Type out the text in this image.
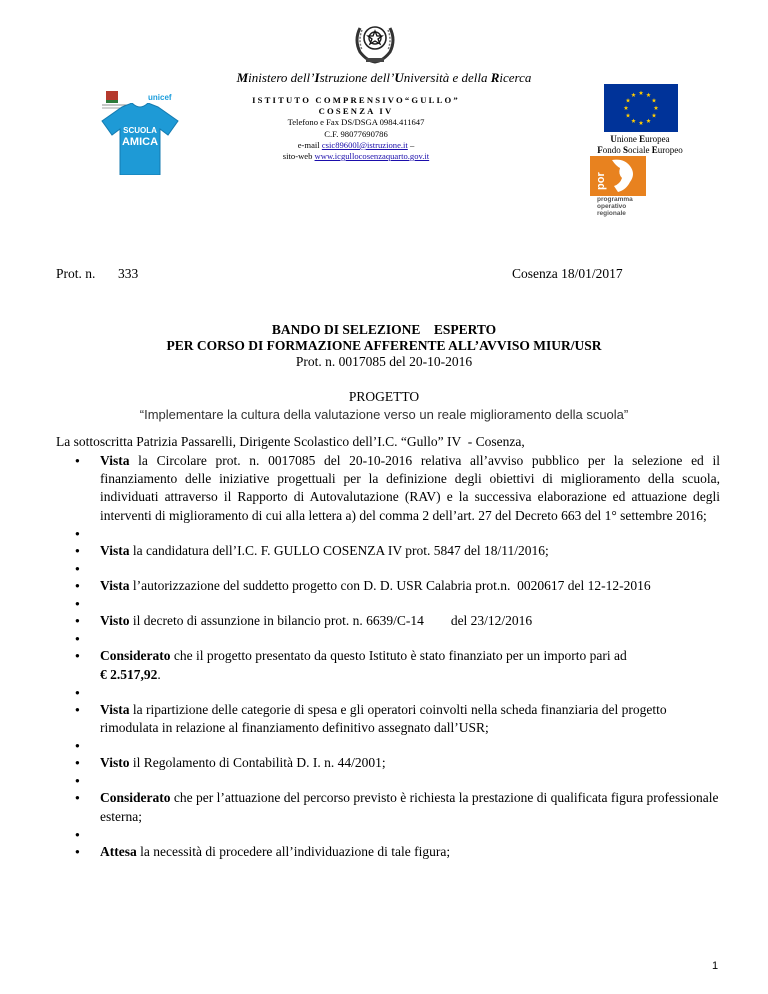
Ministero dell’Istruzione dell’Università e della Ricerca
unicef
SCUOLA
AMICA
ISTITUTO COMPRENSIVO“GULLO”
COSENZA IV
Telefono e Fax DS/DSGA 0984.411647
C.F. 98077690786
e-mail csic89600l@istruzione.it –
sito-web www.icgullocosenzaquarto.gov.it
Unione Europea
Fondo Sociale Europeo
por
programma
operativo
regionale
Prot. n. 333	Cosenza 18/01/2017
BANDO DI SELEZIONE    ESPERTO
PER CORSO DI FORMAZIONE AFFERENTE ALL’AVVISO MIUR/USR
Prot. n. 0017085 del 20-10-2016
PROGETTO
“Implementare la cultura della valutazione verso un reale miglioramento della scuola”
La sottoscritta Patrizia Passarelli, Dirigente Scolastico dell’I.C. “Gullo” IV  - Cosenza,
● Vista la Circolare prot. n. 0017085 del 20-10-2016 relativa all’avviso pubblico per la selezione ed il finanziamento delle iniziative progettuali per la definizione degli obiettivi di miglioramento della scuola, individuati attraverso il Rapporto di Autovalutazione (RAV) e la successiva elaborazione ed attuazione degli interventi di miglioramento di cui alla lettera a) del comma 2 dell’art. 27 del Decreto 663 del 1° settembre 2016;
●
● Vista la candidatura dell’I.C. F. GULLO COSENZA IV prot. 5847 del 18/11/2016;
●
● Vista l’autorizzazione del suddetto progetto con D. D. USR Calabria prot.n.  0020617 del 12-12-2016
●
● Visto il decreto di assunzione in bilancio prot. n. 6639/C-14        del 23/12/2016
●
● Considerato che il progetto presentato da questo Istituto è stato finanziato per un importo pari ad
€ 2.517,92.
●
● Vista la ripartizione delle categorie di spesa e gli operatori coinvolti nella scheda finanziaria del progetto rimodulata in relazione al finanziamento definitivo assegnato dall’USR;
●
● Visto il Regolamento di Contabilità D. I. n. 44/2001;
●
● Considerato che per l’attuazione del percorso previsto è richiesta la prestazione di qualificata figura professionale esterna;
●
● Attesa la necessità di procedere all’individuazione di tale figura;
1
